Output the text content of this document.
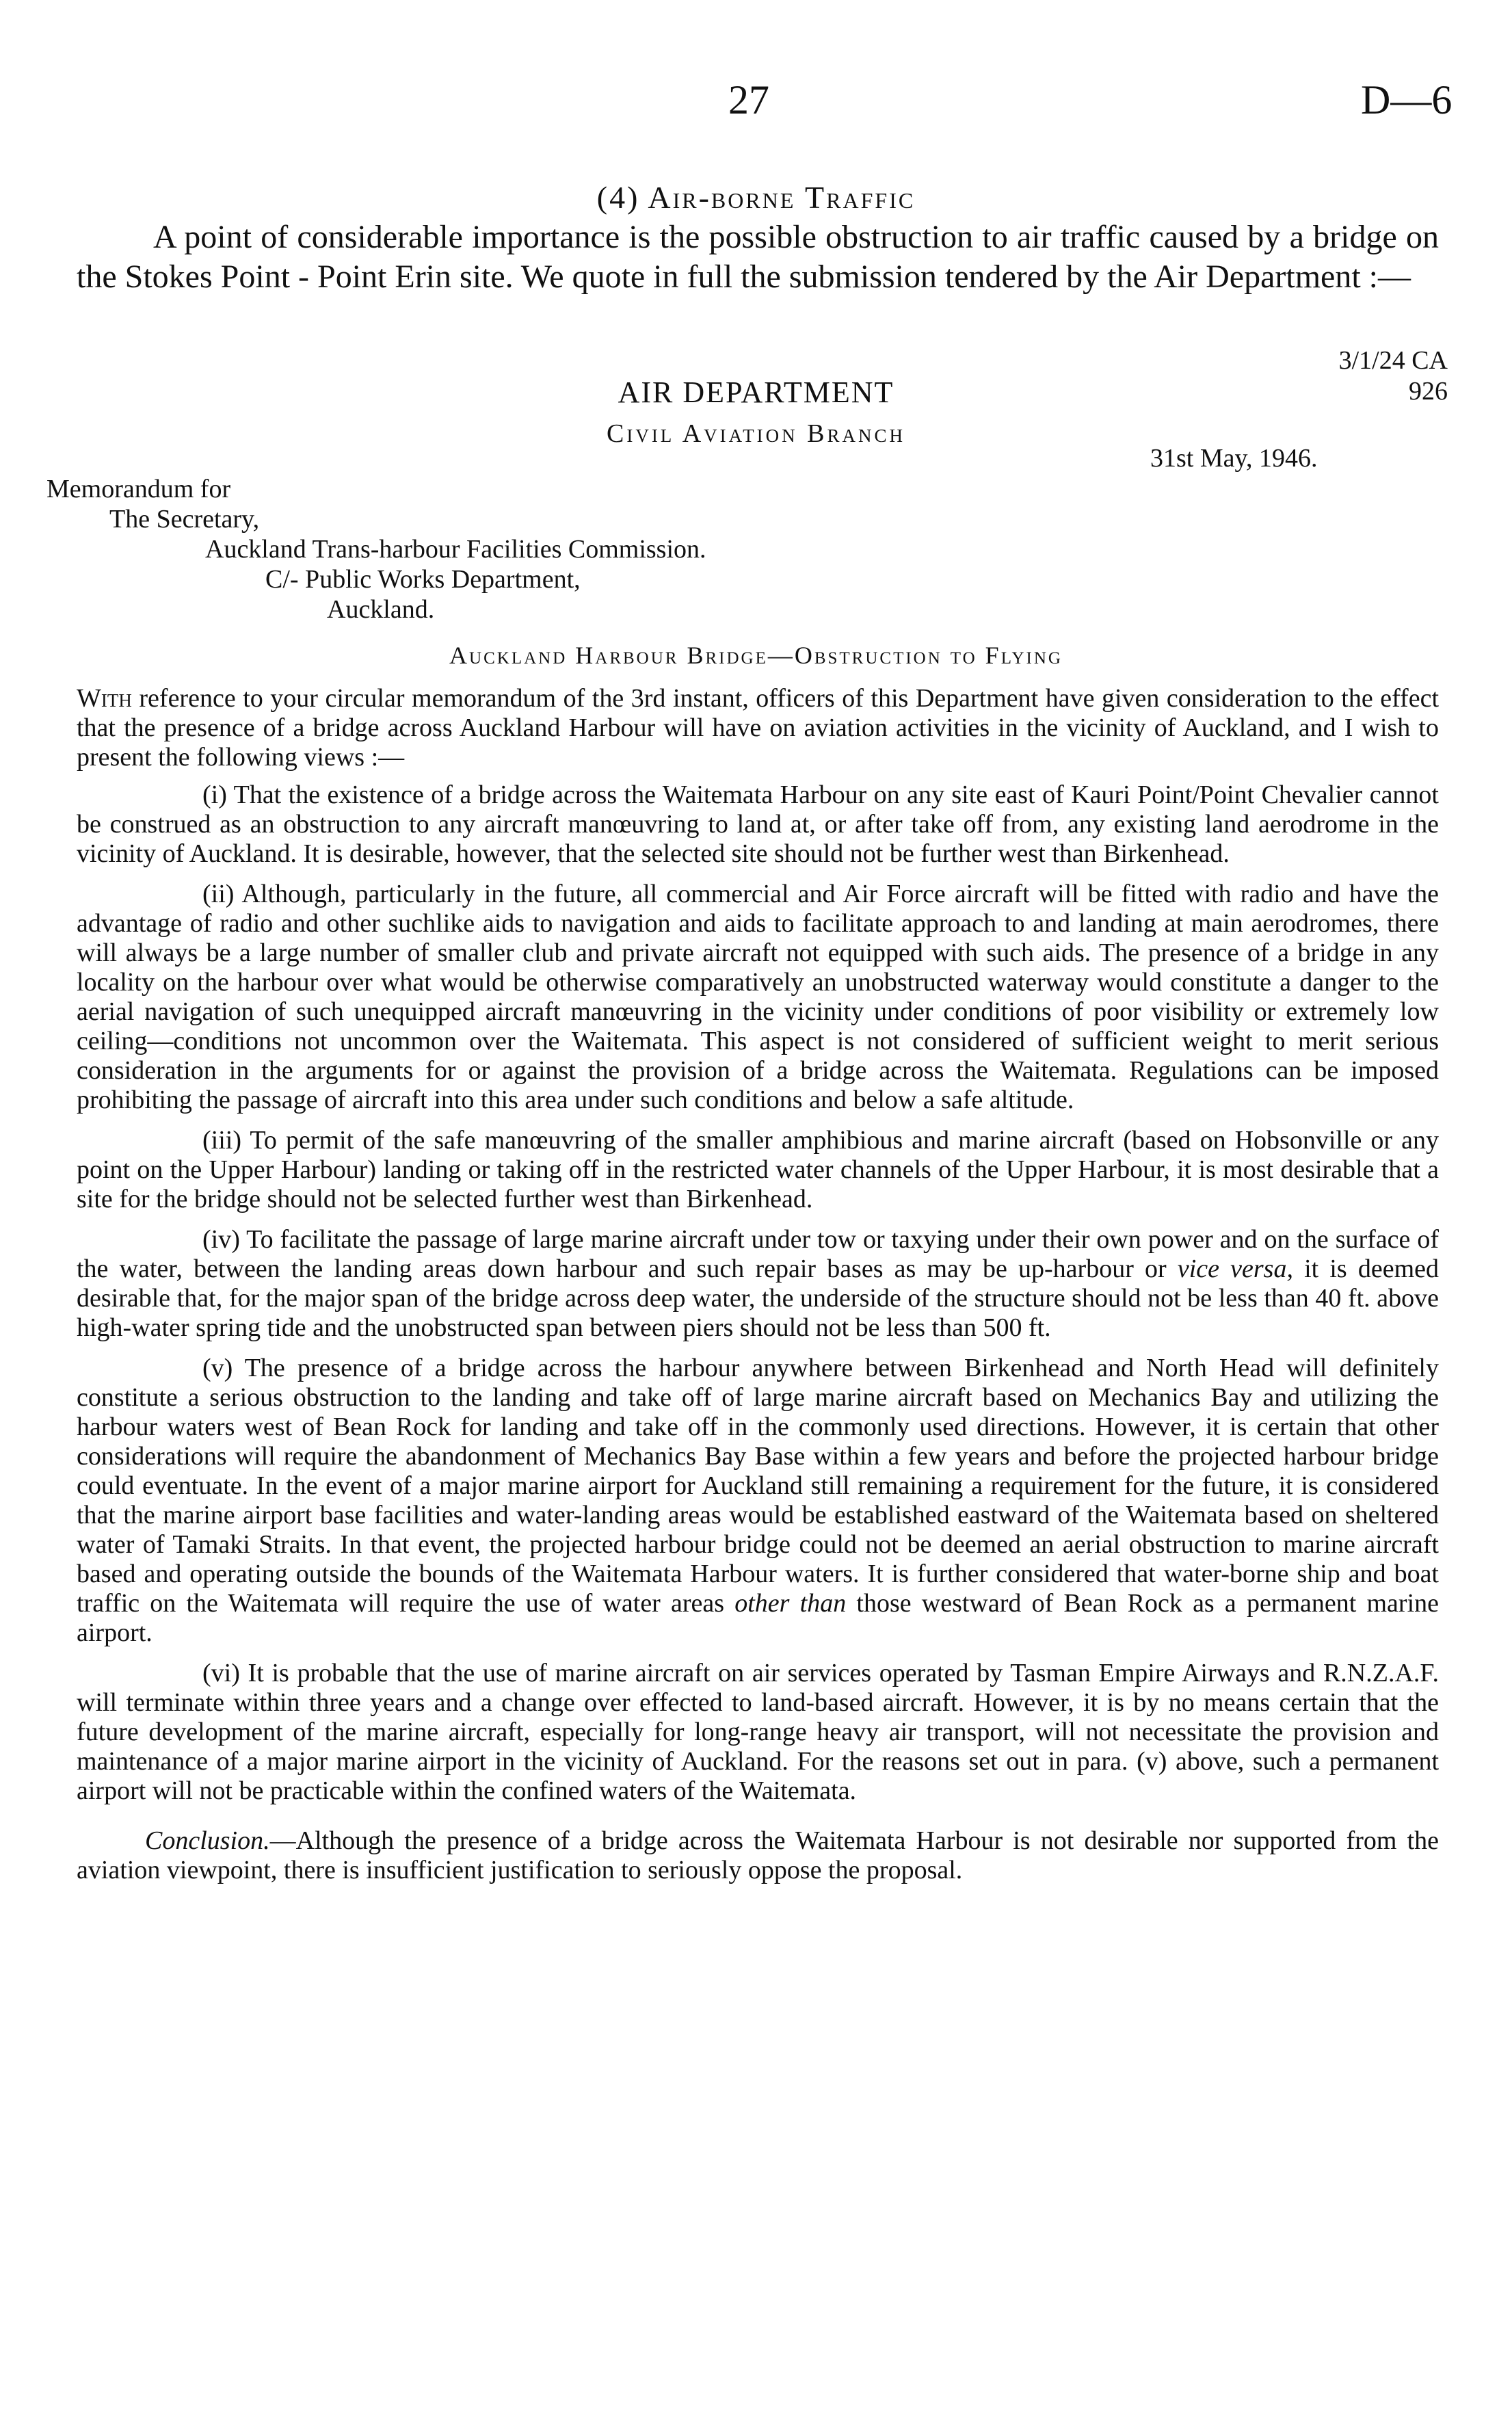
27	D—6
(4) Air-borne Traffic
A point of considerable importance is the possible obstruction to air traffic caused by a bridge on the Stokes Point - Point Erin site. We quote in full the submission tendered by the Air Department :—
3/1/24 CA
926
AIR DEPARTMENT
Civil Aviation Branch
31st May, 1946.
Memorandum for
The Secretary,
Auckland Trans-harbour Facilities Commission.
C/- Public Works Department,
Auckland.
Auckland Harbour Bridge—Obstruction to Flying

With reference to your circular memorandum of the 3rd instant, officers of this Department have given consideration to the effect that the presence of a bridge across Auckland Harbour will have on aviation activities in the vicinity of Auckland, and I wish to present the following views :—

(i) That the existence of a bridge across the Waitemata Harbour on any site east of Kauri Point/Point Chevalier cannot be construed as an obstruction to any aircraft manœuvring to land at, or after take off from, any existing land aerodrome in the vicinity of Auckland. It is desirable, however, that the selected site should not be further west than Birkenhead.

(ii) Although, particularly in the future, all commercial and Air Force aircraft will be fitted with radio and have the advantage of radio and other suchlike aids to navigation and aids to facilitate approach to and landing at main aerodromes, there will always be a large number of smaller club and private aircraft not equipped with such aids. The presence of a bridge in any locality on the harbour over what would be otherwise comparatively an unobstructed waterway would constitute a danger to the aerial navigation of such unequipped aircraft manœuvring in the vicinity under conditions of poor visibility or extremely low ceiling—conditions not uncommon over the Waitemata. This aspect is not considered of sufficient weight to merit serious consideration in the arguments for or against the provision of a bridge across the Waitemata. Regulations can be imposed prohibiting the passage of aircraft into this area under such conditions and below a safe altitude.

(iii) To permit of the safe manœuvring of the smaller amphibious and marine aircraft (based on Hobsonville or any point on the Upper Harbour) landing or taking off in the restricted water channels of the Upper Harbour, it is most desirable that a site for the bridge should not be selected further west than Birkenhead.

(iv) To facilitate the passage of large marine aircraft under tow or taxying under their own power and on the surface of the water, between the landing areas down harbour and such repair bases as may be up-harbour or vice versa, it is deemed desirable that, for the major span of the bridge across deep water, the underside of the structure should not be less than 40 ft. above high-water spring tide and the unobstructed span between piers should not be less than 500 ft.

(v) The presence of a bridge across the harbour anywhere between Birkenhead and North Head will definitely constitute a serious obstruction to the landing and take off of large marine aircraft based on Mechanics Bay and utilizing the harbour waters west of Bean Rock for landing and take off in the commonly used directions. However, it is certain that other considerations will require the abandonment of Mechanics Bay Base within a few years and before the projected harbour bridge could eventuate. In the event of a major marine airport for Auckland still remaining a requirement for the future, it is considered that the marine airport base facilities and water-landing areas would be established eastward of the Waitemata based on sheltered water of Tamaki Straits. In that event, the projected harbour bridge could not be deemed an aerial obstruction to marine aircraft based and operating outside the bounds of the Waitemata Harbour waters. It is further considered that water-borne ship and boat traffic on the Waitemata will require the use of water areas other than those westward of Bean Rock as a permanent marine airport.

(vi) It is probable that the use of marine aircraft on air services operated by Tasman Empire Airways and R.N.Z.A.F. will terminate within three years and a change over effected to land-based aircraft. However, it is by no means certain that the future development of the marine aircraft, especially for long-range heavy air transport, will not necessitate the provision and maintenance of a major marine airport in the vicinity of Auckland. For the reasons set out in para. (v) above, such a permanent airport will not be practicable within the confined waters of the Waitemata.

Conclusion.—Although the presence of a bridge across the Waitemata Harbour is not desirable nor supported from the aviation viewpoint, there is insufficient justification to seriously oppose the proposal.
